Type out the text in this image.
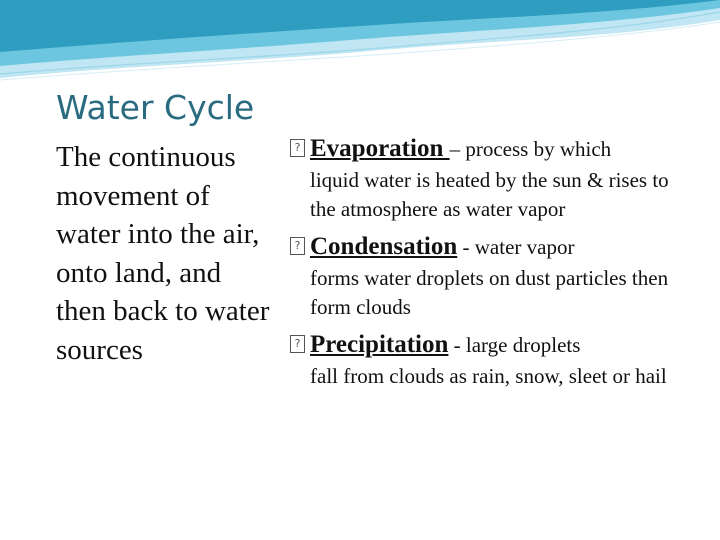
Water Cycle
The continuous movement of water into the air, onto land, and then back to water sources
? Evaporation – process by which
liquid water is heated by the sun & rises to the atmosphere as water vapor
? Condensation - water vapor
forms water droplets on dust particles then form clouds
? Precipitation - large droplets
fall from clouds as rain, snow, sleet or hail
